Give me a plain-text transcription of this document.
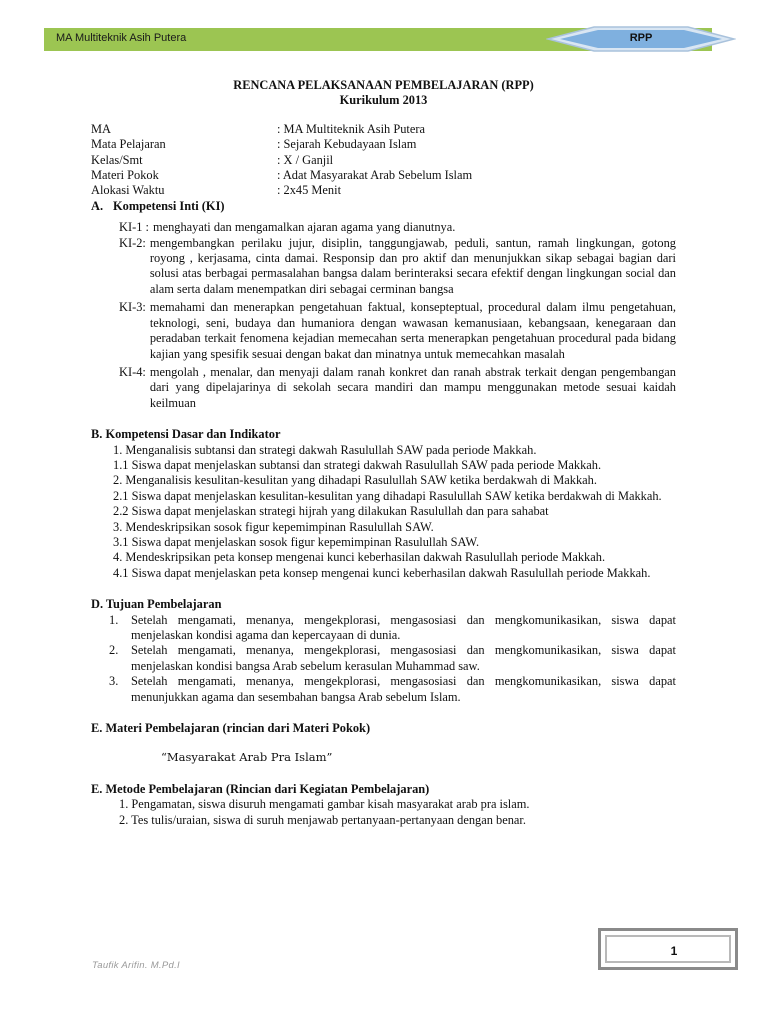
MA Multiteknik Asih Putera	RPP
RENCANA PELAKSANAAN PEMBELAJARAN (RPP)
Kurikulum 2013
MA	: MA Multiteknik Asih Putera
Mata Pelajaran	: Sejarah Kebudayaan Islam
Kelas/Smt	: X / Ganjil
Materi Pokok	: Adat Masyarakat Arab Sebelum Islam
Alokasi Waktu	: 2x45 Menit
A. Kompetensi Inti (KI)
KI-1 : menghayati dan mengamalkan ajaran agama yang dianutnya.
KI-2: mengembangkan perilaku jujur, disiplin, tanggungjawab, peduli, santun, ramah lingkungan, gotong royong , kerjasama, cinta damai. Responsip dan pro aktif dan menunjukkan sikap sebagai bagian dari solusi atas berbagai permasalahan bangsa dalam berinteraksi secara efektif dengan lingkungan social dan alam serta dalam menempatkan diri sebagai cerminan bangsa
KI-3: memahami dan menerapkan pengetahuan faktual, konsepteptual, procedural dalam ilmu pengetahuan, teknologi, seni, budaya dan humaniora dengan wawasan kemanusiaan, kebangsaan, kenegaraan dan peradaban terkait fenomena kejadian memecahan serta menerapkan pengetahuan procedural pada bidang kajian yang spesifik sesuai dengan bakat dan minatnya untuk memecahkan masalah
KI-4: mengolah , menalar, dan menyaji dalam ranah konkret dan ranah abstrak terkait dengan pengembangan dari yang dipelajarinya di sekolah secara mandiri dan mampu menggunakan metode sesuai kaidah keilmuan
B. Kompetensi Dasar dan Indikator

1. Menganalisis subtansi dan strategi dakwah Rasulullah SAW pada periode Makkah.

1.1 Siswa dapat menjelaskan subtansi dan strategi dakwah Rasulullah SAW pada periode Makkah.

2. Menganalisis kesulitan-kesulitan yang dihadapi Rasulullah SAW ketika berdakwah di Makkah.

2.1 Siswa dapat menjelaskan kesulitan-kesulitan yang dihadapi Rasulullah SAW ketika berdakwah di Makkah.

2.2 Siswa dapat menjelaskan strategi hijrah yang dilakukan Rasulullah dan para sahabat

3. Mendeskripsikan sosok figur kepemimpinan Rasulullah SAW.

3.1 Siswa dapat menjelaskan sosok figur kepemimpinan Rasulullah SAW.

4. Mendeskripsikan peta konsep mengenai kunci keberhasilan dakwah Rasulullah periode Makkah.

4.1 Siswa dapat menjelaskan peta konsep mengenai kunci keberhasilan dakwah Rasulullah periode Makkah.

D. Tujuan Pembelajaran
1.	Setelah mengamati, menanya, mengekplorasi, mengasosiasi dan mengkomunikasikan, siswa dapat menjelaskan kondisi agama dan kepercayaan di dunia.
2.	Setelah mengamati, menanya, mengekplorasi, mengasosiasi dan mengkomunikasikan, siswa dapat menjelaskan kondisi bangsa Arab sebelum kerasulan Muhammad saw.
3.	Setelah mengamati, menanya, mengekplorasi, mengasosiasi dan mengkomunikasikan, siswa dapat menunjukkan agama dan sesembahan bangsa Arab sebelum Islam.
E. Materi Pembelajaran (rincian dari Materi Pokok)
“Masyarakat Arab Pra Islam”
E. Metode Pembelajaran (Rincian dari Kegiatan Pembelajaran)
1. Pengamatan, siswa disuruh mengamati gambar kisah masyarakat arab pra islam.
2. Tes tulis/uraian, siswa di suruh menjawab pertanyaan-pertanyaan dengan benar.
1
Taufik Arifin. M.Pd.I
